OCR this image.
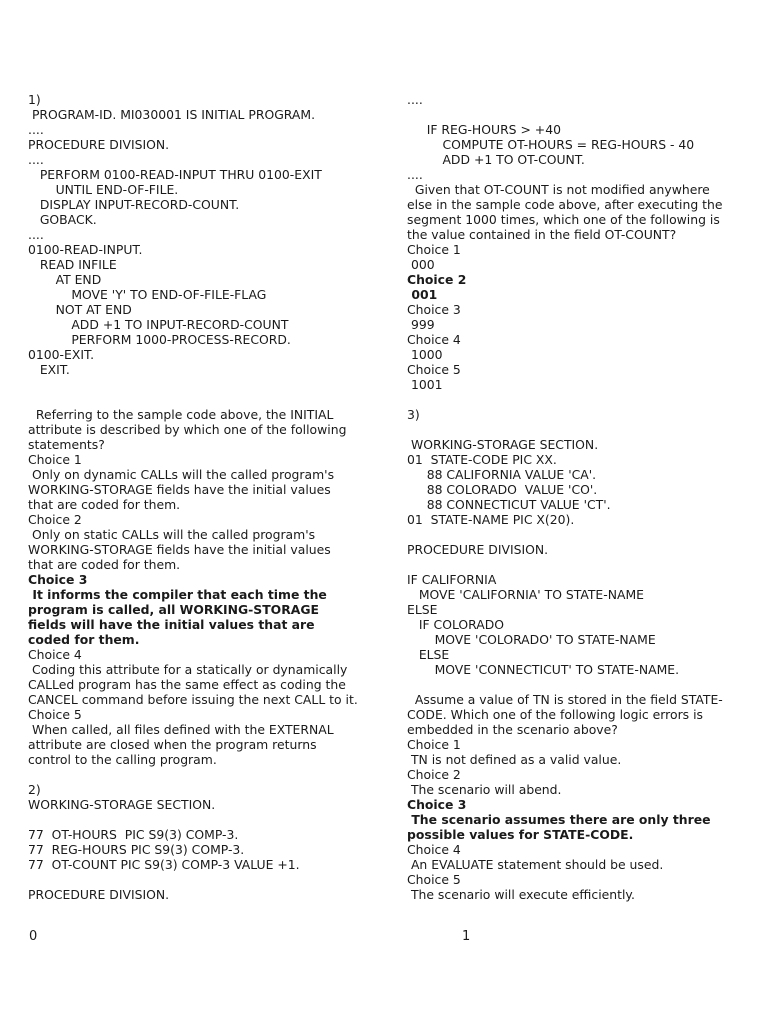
1)
PROGRAM-ID. MI030001 IS INITIAL PROGRAM.
....
PROCEDURE DIVISION.
....
PERFORM 0100-READ-INPUT THRU 0100-EXIT
UNTIL END-OF-FILE.
DISPLAY INPUT-RECORD-COUNT.
GOBACK.
....
0100-READ-INPUT.
READ INFILE
AT END
MOVE 'Y' TO END-OF-FILE-FLAG
NOT AT END
ADD +1 TO INPUT-RECORD-COUNT
PERFORM 1000-PROCESS-RECORD.
0100-EXIT.
EXIT.
Referring to the sample code above, the INITIAL attribute is described by which one of the following statements?
Choice 1
Only on dynamic CALLs will the called program's WORKING-STORAGE fields have the initial values that are coded for them.
Choice 2
Only on static CALLs will the called program's WORKING-STORAGE fields have the initial values that are coded for them.
Choice 3
It informs the compiler that each time the program is called, all WORKING-STORAGE fields will have the initial values that are coded for them.
Choice 4
Coding this attribute for a statically or dynamically CALLed program has the same effect as coding the CANCEL command before issuing the next CALL to it.
Choice 5
When called, all files defined with the EXTERNAL attribute are closed when the program returns control to the calling program.
2)
WORKING-STORAGE SECTION.
77  OT-HOURS  PIC S9(3) COMP-3.
77  REG-HOURS PIC S9(3) COMP-3.
77  OT-COUNT PIC S9(3) COMP-3 VALUE +1.
PROCEDURE DIVISION.
....
IF REG-HOURS > +40
COMPUTE OT-HOURS = REG-HOURS - 40
ADD +1 TO OT-COUNT.
....
Given that OT-COUNT is not modified anywhere else in the sample code above, after executing the segment 1000 times, which one of the following is the value contained in the field OT-COUNT?
Choice 1
000
Choice 2
001
Choice 3
999
Choice 4
1000
Choice 5
1001
3)
WORKING-STORAGE SECTION.
01  STATE-CODE PIC XX.
88 CALIFORNIA VALUE 'CA'.
88 COLORADO  VALUE 'CO'.
88 CONNECTICUT VALUE 'CT'.
01  STATE-NAME PIC X(20).
PROCEDURE DIVISION.
IF CALIFORNIA
MOVE 'CALIFORNIA' TO STATE-NAME
ELSE
IF COLORADO
MOVE 'COLORADO' TO STATE-NAME
ELSE
MOVE 'CONNECTICUT' TO STATE-NAME.
Assume a value of TN is stored in the field STATE-CODE. Which one of the following logic errors is embedded in the scenario above?
Choice 1
TN is not defined as a valid value.
Choice 2
The scenario will abend.
Choice 3
The scenario assumes there are only three possible values for STATE-CODE.
Choice 4
An EVALUATE statement should be used.
Choice 5
The scenario will execute efficiently.
0	1
